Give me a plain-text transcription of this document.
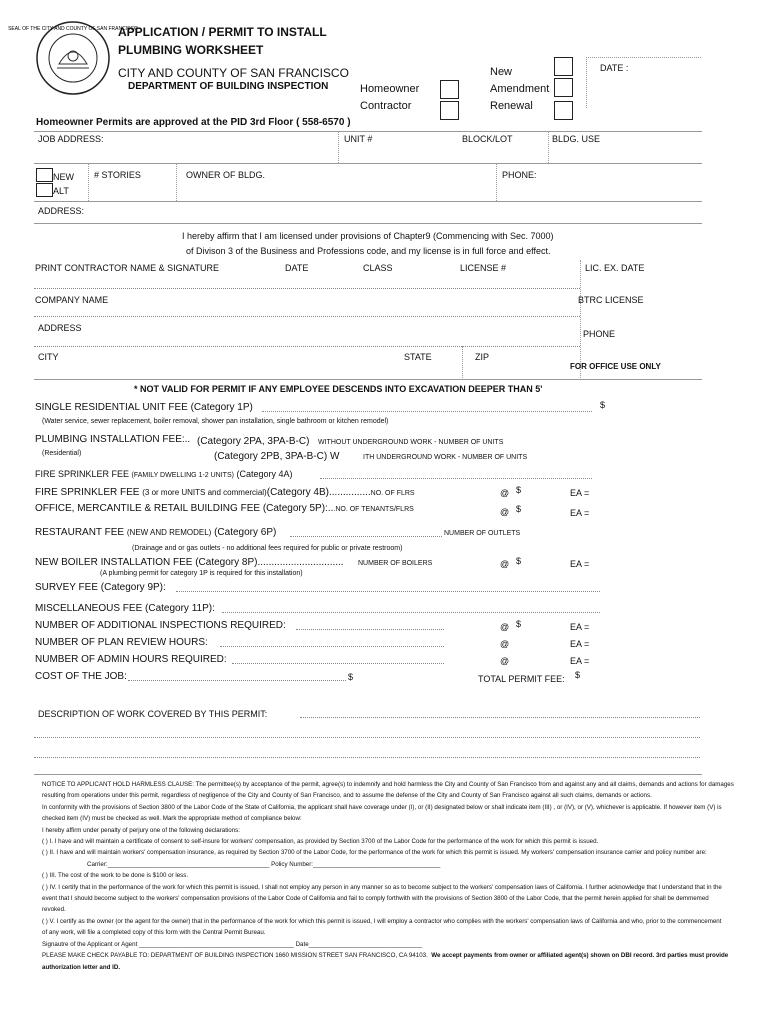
SEAL OF THE CITY AND COUNTY OF SAN FRANCISCO
APPLICATION / PERMIT TO INSTALL
PLUMBING WORKSHEET
CITY AND COUNTY OF SAN FRANCISCO
DEPARTMENT OF BUILDING INSPECTION	Homeowner
Contractor
New
Amendment
Renewal
DATE :
Homeowner Permits are approved at the PID 3rd Floor ( 558-6570 )
JOB ADDRESS:	UNIT #	BLOCK/LOT	BLDG. USE
NEW
ALT
# STORIES	OWNER OF BLDG.	PHONE:
ADDRESS:
I hereby affirm that I am licensed under provisions of Chapter9 (Commencing with Sec. 7000)
of Divison 3 of the Business and Professions code, and my license is in full force and effect.
PRINT CONTRACTOR NAME & SIGNATURE	DATE	CLASS	LICENSE #	LIC. EX. DATE
COMPANY NAME	BTRC LICENSE
ADDRESS
PHONE
CITY	STATE	ZIP
FOR OFFICE USE ONLY
* NOT VALID FOR PERMIT IF ANY EMPLOYEE DESCENDS INTO EXCAVATION DEEPER THAN 5'
SINGLE RESIDENTIAL UNIT FEE (Category 1P)	$
(Water service, sewer replacement, boiler removal, shower pan installation, single bathroom or kitchen remodel)
PLUMBING INSTALLATION FEE:.. (Category 2PA, 3PA-B-C) WITHOUT UNDERGROUND WORK - NUMBER OF UNITS
(Residential)	(Category 2PB, 3PA-B-C) W	ITH UNDERGROUND WORK - NUMBER OF UNITS
FIRE SPRINKLER FEE (FAMILY DWELLING 1-2 UNITS) (Category 4A)
FIRE SPRINKLER FEE (3 or more UNITS and commercial)(Category 4B)...............NO. OF FLRS	@ $	EA =
OFFICE, MERCANTILE & RETAIL BUILDING FEE (Category 5P):...NO. OF TENANTS/FLRS	@ $	EA =
RESTAURANT FEE (NEW AND REMODEL) (Category 6P)	NUMBER OF OUTLETS
(Drainage and or gas outlets - no additional fees required for public or private restroom)
NEW BOILER INSTALLATION FEE (Category 8P)............................... NUMBER OF BOILERS	@ $	EA =
(A plumbing permit for category 1P is required for this installation)
SURVEY FEE (Category 9P):
MISCELLANEOUS FEE (Category 11P):
NUMBER OF ADDITIONAL INSPECTIONS REQUIRED:	@ $	EA =
NUMBER OF PLAN REVIEW HOURS:	@	EA =
NUMBER OF ADMIN HOURS REQUIRED:	@	EA =
COST OF THE JOB:	$	TOTAL PERMIT FEE: $
DESCRIPTION OF WORK COVERED BY THIS PERMIT:

NOTICE TO APPLICANT HOLD HARMLESS CLAUSE: The permittee(s) by acceptance of the permit, agree(s) to indemnify and hold harmless the City and County of San Francisco from and against any and all claims, demands and actions for damages

resulting from operations under this permit, regardless of negligence of the City and County of San Francisco, and to assume the defense of the City and County of San Francisco against all such claims, demands or actions.

In conformity with the provisions of Section 3800 of the Labor Code of the State of California, the applicant shall have coverage under (I), or (II) designated below or shall indicate item (III) , or (IV), or (V), whichever is applicable. If however item (V) is

checked item (IV) must be checked as well. Mark the appropriate method of compliance below:

I hereby affirm under penalty of perjury one of the following declarations:

( ) I. I have and will maintain a certificate of consent to self-insure for workers' compensation, as provided by Section 3700 of the Labor Code for the performance of the work for which this permit is issued.

( ) II. I have and will maintain workers' compensation insurance, as required by Section 3700 of the Labor Code, for the performance of the work for which this permit is issued. My workers' compensation insurance carrier and policy number are:

Carrier:_______________________________________________ Policy Number:_____________________________________

( ) III. The cost of the work to be done is $100 or less.

( ) IV. I certify that in the performance of the work for which this permit is issued, I shall not employ any person in any manner so as to become subject to the workers' compensation laws of California. I further acknowledge that I understand that in the

event that I should become subject to the workers' compensation provisions of the Labor Code of California and fail to comply forthwith with the provisions of Section 3800 of the Labor Code, that the permit herein applied for shall be demmemed

revoked.

( ) V. I certify as the owner (or the agent for the owner) that in the performance of the work for which this permit is issued, I will employ a contractor who complies with the workers' compensation laws of California and who, prior to the commencement

of any work, will file a completed copy of this form with the Central Permit Bureau.

Signautre of the Applicant or Agent _____________________________________________ Date_________________________________

PLEASE MAKE CHECK PAYABLE TO: DEPARTMENT OF BUILDING INSPECTION 1660 MISSION STREET SAN FRANCISCO, CA 94103. We accept payments from owner or affiliated agent(s) shown on DBI record. 3rd parties must provide

authorization letter and ID.
